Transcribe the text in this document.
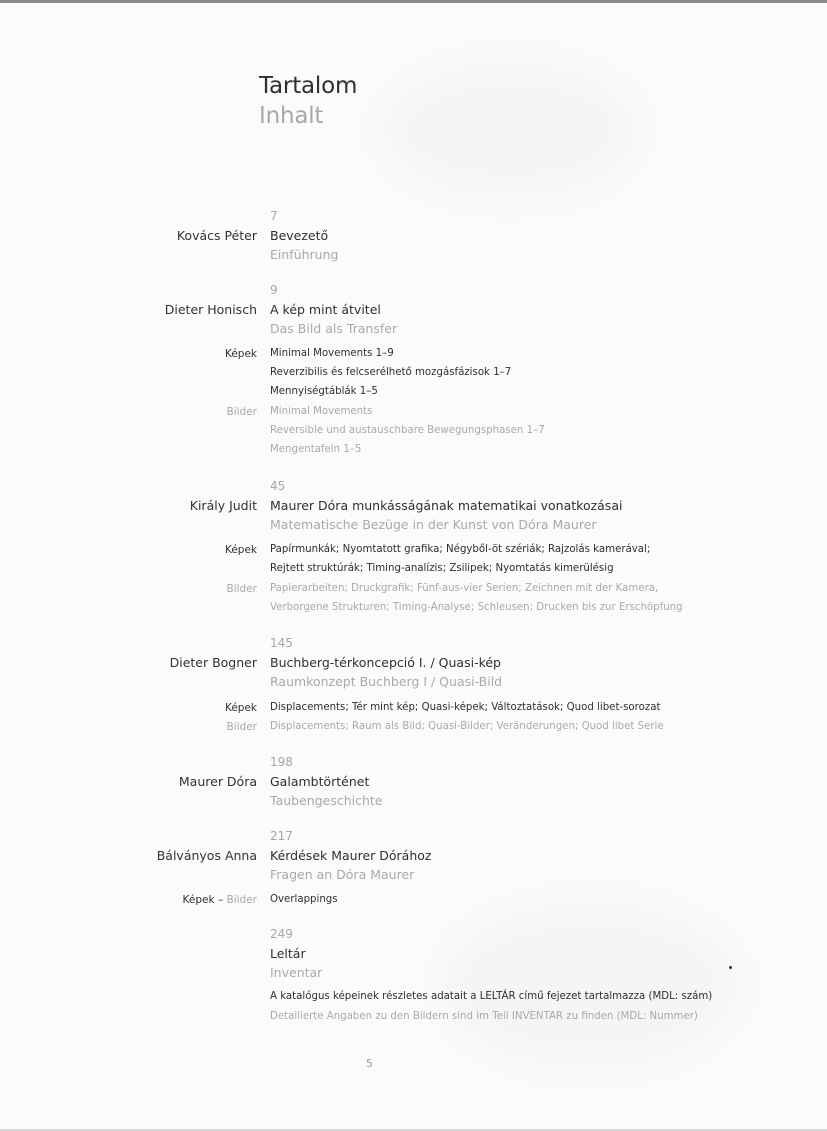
Tartalom
Inhalt
7
Kovács Péter Bevezető
Einführung
9
Dieter Honisch A kép mint átvitel
Das Bild als Transfer
Képek Minimal Movements 1–9
Reverzibilis és felcserélhető mozgásfázisok 1–7
Mennyiségtáblák 1–5
Bilder Minimal Movements
Reversible und austauschbare Bewegungsphasen 1–7
Mengentafeln 1–5
45
Király Judit Maurer Dóra munkásságának matematikai vonatkozásai
Matematische Bezüge in der Kunst von Dóra Maurer
Képek Papírmunkák; Nyomtatott grafika; Négyből-öt szériák; Rajzolás kamerával;
Rejtett struktúrák; Timing-analízis; Zsilipek; Nyomtatás kimerülésig
Bilder Papierarbeiten; Druckgrafik; Fünf-aus-vier Serien; Zeichnen mit der Kamera,
Verborgene Strukturen; Timing-Analyse; Schleusen; Drucken bis zur Erschöpfung
145
Dieter Bogner Buchberg-térkoncepció I. / Quasi-kép
Raumkonzept Buchberg I / Quasi-Bild
Képek Displacements; Tér mint kép; Quasi-képek; Változtatások; Quod libet-sorozat
Bilder Displacements; Raum als Bild; Quasi-Bilder; Veränderungen; Quod libet Serie
198
Maurer Dóra Galambtörténet
Taubengeschichte
217
Bálványos Anna Kérdések Maurer Dórához
Fragen an Dóra Maurer
Képek – Bilder Overlappings
249
Leltár
Inventar
A katalógus képeinek részletes adatait a LELTÁR című fejezet tartalmazza (MDL: szám)
Detailierte Angaben zu den Bildern sind im Teil INVENTAR zu finden (MDL: Nummer)
5
